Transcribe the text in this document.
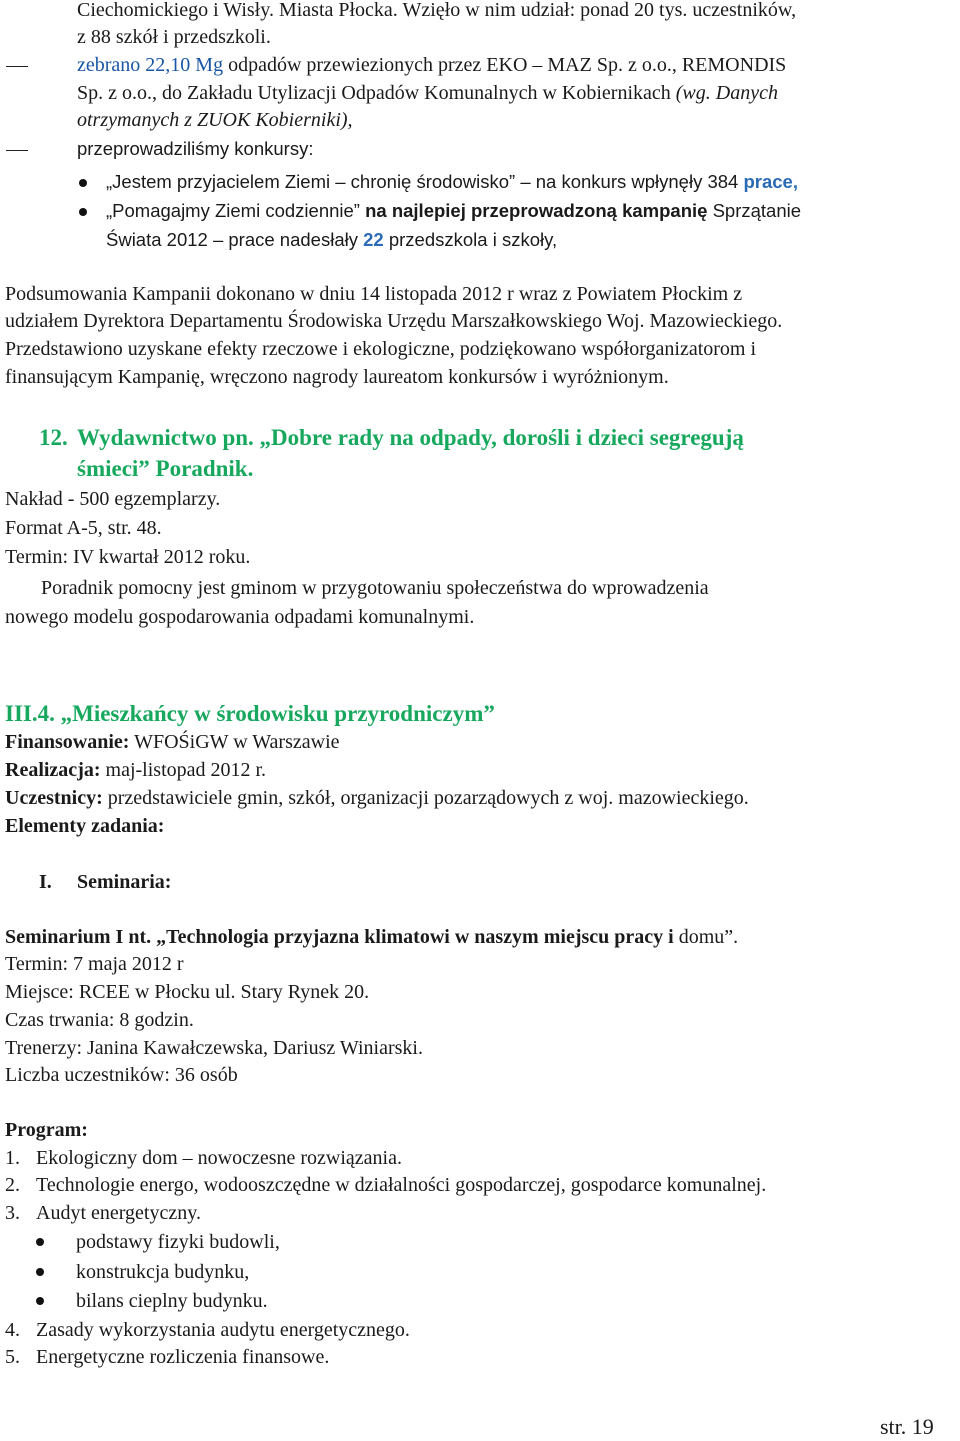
Ciechomickiego i Wisły. Miasta Płocka. Wzięło w nim udział: ponad 20 tys. uczestników,
z 88 szkół i przedszkoli.
zebrano 22,10 Mg odpadów przewiezionych przez EKO – MAZ Sp. z o.o., REMONDIS
Sp. z o.o., do Zakładu Utylizacji Odpadów Komunalnych w Kobiernikach (wg. Danych
otrzymanych z ZUOK Kobierniki),
przeprowadziliśmy konkursy:
„Jestem przyjacielem Ziemi – chronię środowisko” – na konkurs wpłynęły 384 prace,
„Pomagajmy Ziemi codziennie” na najlepiej przeprowadzoną kampanię Sprzątanie
Świata 2012 – prace nadesłały 22 przedszkola i szkoły,
Podsumowania Kampanii dokonano w dniu 14 listopada 2012 r wraz z Powiatem Płockim z
udziałem Dyrektora Departamentu Środowiska Urzędu Marszałkowskiego Woj. Mazowieckiego.
Przedstawiono uzyskane efekty rzeczowe i ekologiczne, podziękowano współorganizatorom i
finansującym Kampanię, wręczono nagrody laureatom konkursów i wyróżnionym.
12. Wydawnictwo pn. „Dobre rady na odpady, dorośli i dzieci segregują
śmieci” Poradnik.
Nakład - 500 egzemplarzy.
Format A-5, str. 48.
Termin: IV kwartał 2012 roku.
Poradnik pomocny jest gminom w przygotowaniu społeczeństwa do wprowadzenia
nowego modelu gospodarowania odpadami komunalnymi.
III.4. „Mieszkańcy w środowisku przyrodniczym”
Finansowanie: WFOŚiGW w Warszawie
Realizacja: maj-listopad 2012 r.
Uczestnicy: przedstawiciele gmin, szkół, organizacji pozarządowych z woj. mazowieckiego.
Elementy zadania:
I. Seminaria:
Seminarium I nt. „Technologia przyjazna klimatowi w naszym miejscu pracy i domu”.
Termin: 7 maja 2012 r
Miejsce: RCEE w Płocku ul. Stary Rynek 20.
Czas trwania: 8 godzin.
Trenerzy: Janina Kawałczewska, Dariusz Winiarski.
Liczba uczestników: 36 osób
Program:
1. Ekologiczny dom – nowoczesne rozwiązania.
2. Technologie energo, wodooszczędne w działalności gospodarczej, gospodarce komunalnej.
3. Audyt energetyczny.
podstawy fizyki budowli,
konstrukcja budynku,
bilans cieplny budynku.
4. Zasady wykorzystania audytu energetycznego.
5. Energetyczne rozliczenia finansowe.
str. 19
